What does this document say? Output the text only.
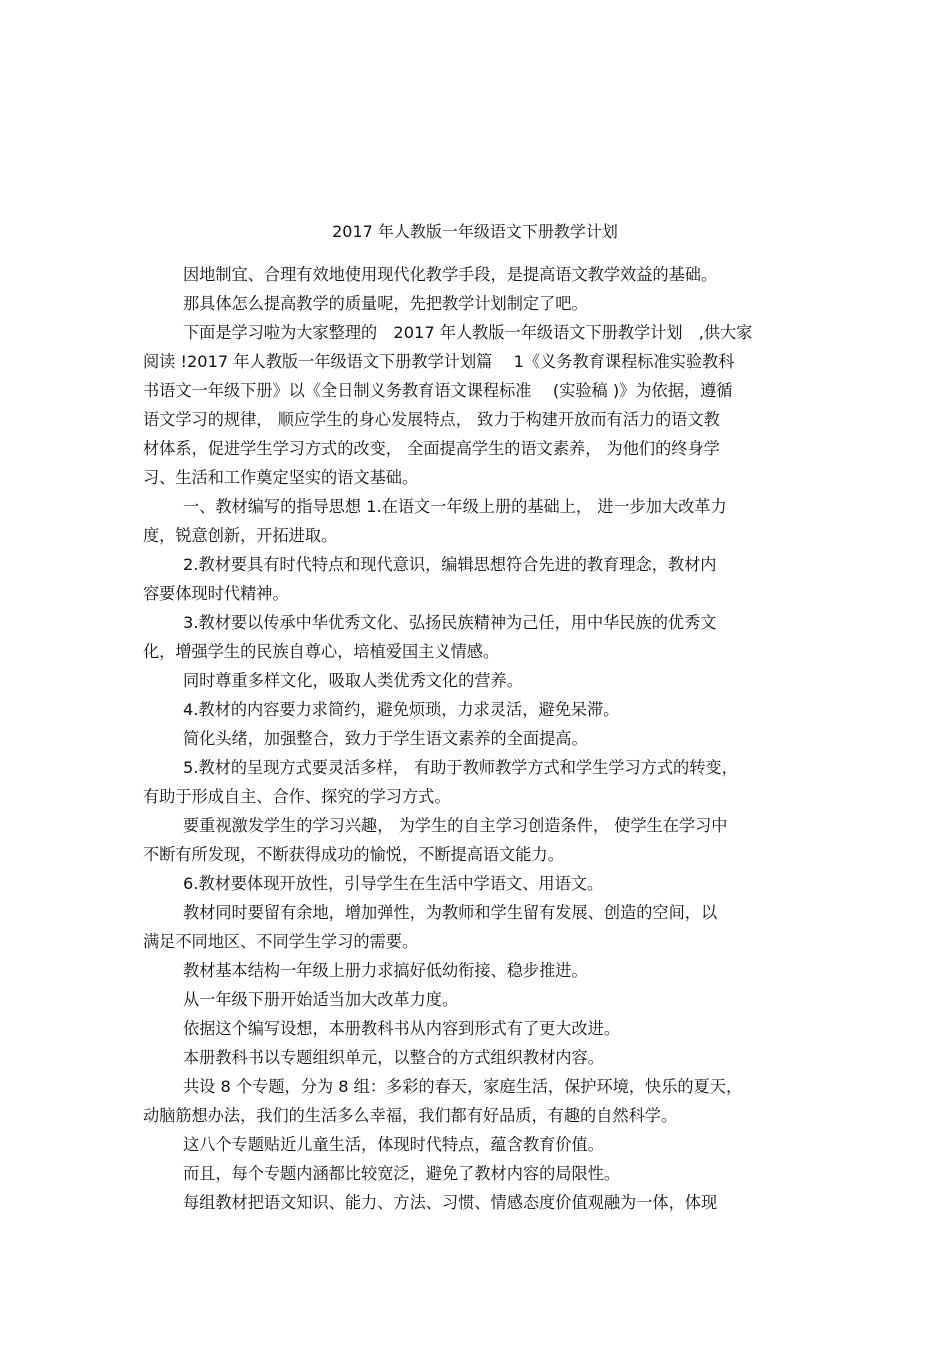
2017 年人教版一年级语文下册教学计划
因地制宜、合理有效地使用现代化教学手段，是提高语文教学效益的基础。
那具体怎么提高教学的质量呢，先把教学计划制定了吧。
下面是学习啦为大家整理的　2017 年人教版一年级语文下册教学计划　,供大家
阅读 !2017 年人教版一年级语文下册教学计划篇　 1《义务教育课程标准实验教科
书语文一年级下册》以《全日制义务教育语文课程标准　 (实验稿 )》为依据，遵循
语文学习的规律， 顺应学生的身心发展特点， 致力于构建开放而有活力的语文教
材体系，促进学生学习方式的改变， 全面提高学生的语文素养， 为他们的终身学
习、生活和工作奠定坚实的语文基础。
一、教材编写的指导思想 1.在语文一年级上册的基础上， 进一步加大改革力
度，锐意创新，开拓进取。
2.教材要具有时代特点和现代意识，编辑思想符合先进的教育理念，教材内
容要体现时代精神。
3.教材要以传承中华优秀文化、弘扬民族精神为己任，用中华民族的优秀文
化，增强学生的民族自尊心，培植爱国主义情感。
同时尊重多样文化，吸取人类优秀文化的营养。
4.教材的内容要力求简约，避免烦琐，力求灵活，避免呆滞。
简化头绪，加强整合，致力于学生语文素养的全面提高。
5.教材的呈现方式要灵活多样， 有助于教师教学方式和学生学习方式的转变，
有助于形成自主、合作、探究的学习方式。
要重视激发学生的学习兴趣， 为学生的自主学习创造条件， 使学生在学习中
不断有所发现，不断获得成功的愉悦，不断提高语文能力。
6.教材要体现开放性，引导学生在生活中学语文、用语文。
教材同时要留有余地，增加弹性，为教师和学生留有发展、创造的空间，以
满足不同地区、不同学生学习的需要。
教材基本结构一年级上册力求搞好低幼衔接、稳步推进。
从一年级下册开始适当加大改革力度。
依据这个编写设想，本册教科书从内容到形式有了更大改进。
本册教科书以专题组织单元，以整合的方式组织教材内容。
共设 8 个专题，分为 8 组：多彩的春天，家庭生活，保护环境，快乐的夏天，
动脑筋想办法，我们的生活多么幸福，我们都有好品质，有趣的自然科学。
这八个专题贴近儿童生活，体现时代特点，蕴含教育价值。
而且，每个专题内涵都比较宽泛，避免了教材内容的局限性。
每组教材把语文知识、能力、方法、习惯、情感态度价值观融为一体，体现
